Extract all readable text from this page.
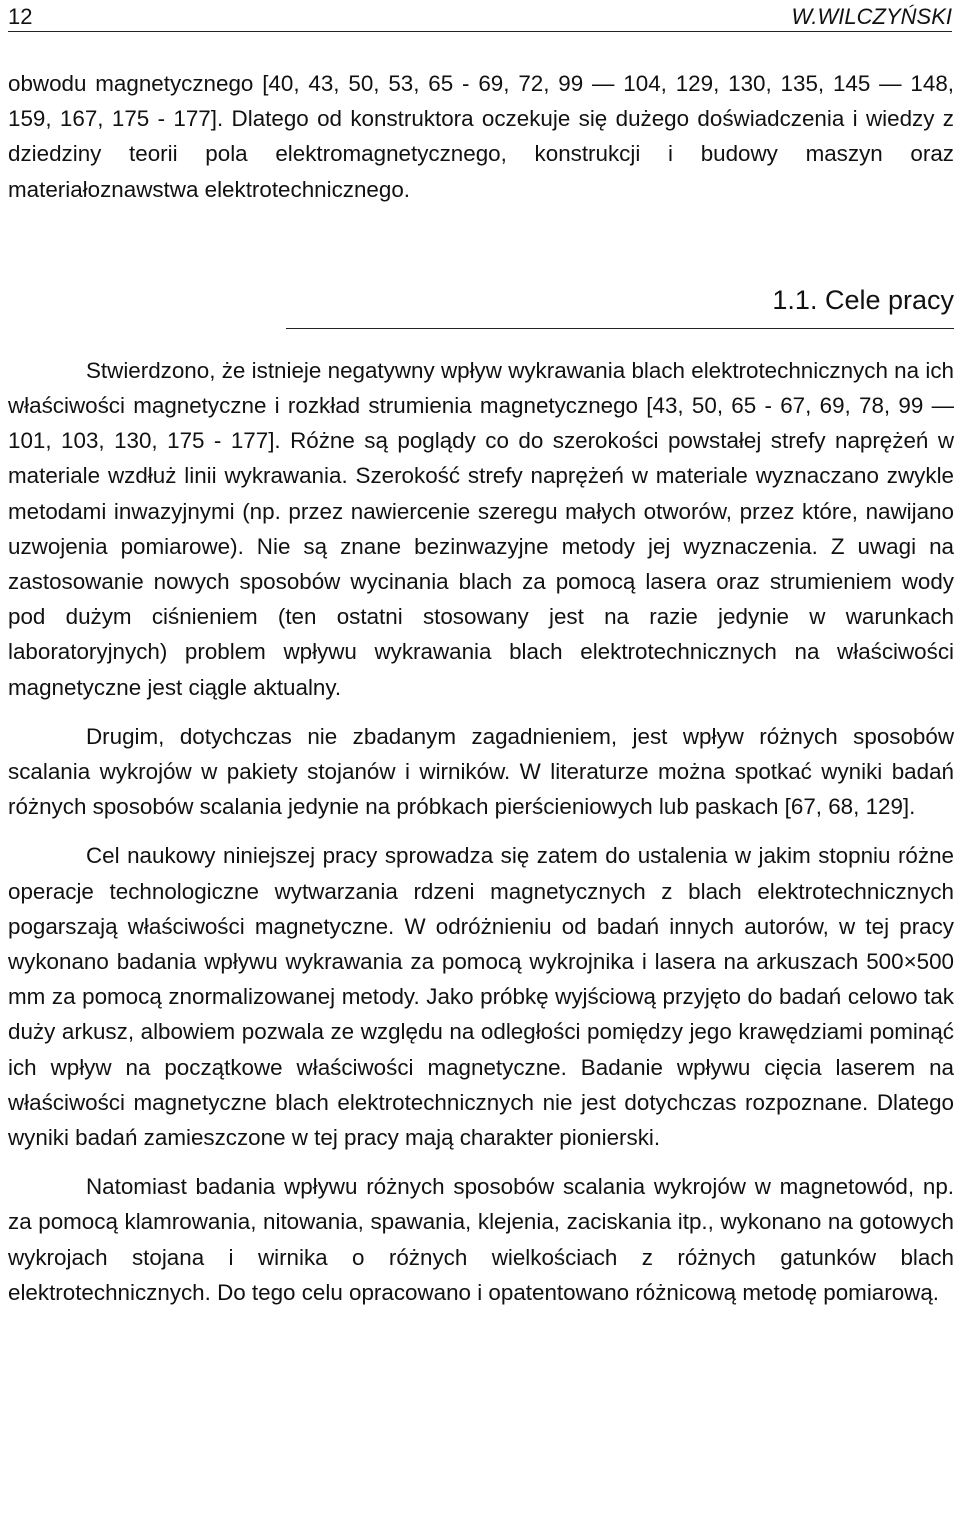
12	W.WILCZYŃSKI

obwodu magnetycznego [40, 43, 50, 53, 65 - 69, 72, 99 — 104, 129, 130, 135, 145 — 148, 159, 167, 175 - 177]. Dlatego od konstruktora oczekuje się dużego doświadczenia i wiedzy z dziedziny teorii pola elektromagnetycznego, konstrukcji i budowy maszyn oraz materiałoznawstwa elektrotechnicznego.

1.1. Cele pracy

Stwierdzono, że istnieje negatywny wpływ wykrawania blach elektrotechnicznych na ich właściwości magnetyczne i rozkład strumienia magnetycznego [43, 50, 65 - 67, 69, 78, 99 — 101, 103, 130, 175 - 177]. Różne są poglądy co do szerokości powstałej strefy naprężeń w materiale wzdłuż linii wykrawania. Szerokość strefy naprężeń w materiale wyznaczano zwykle metodami inwazyjnymi (np. przez nawiercenie szeregu małych otworów, przez które, nawijano uzwojenia pomiarowe). Nie są znane bezinwazyjne metody jej wyznaczenia. Z uwagi na zastosowanie nowych sposobów wycinania blach za pomocą lasera oraz strumieniem wody pod dużym ciśnieniem (ten ostatni stosowany jest na razie jedynie w warunkach laboratoryjnych) problem wpływu wykrawania blach elektrotechnicznych na właściwości magnetyczne jest ciągle aktualny.

Drugim, dotychczas nie zbadanym zagadnieniem, jest wpływ różnych sposobów scalania wykrojów w pakiety stojanów i wirników. W literaturze można spotkać wyniki badań różnych sposobów scalania jedynie na próbkach pierścieniowych lub paskach [67, 68, 129].

Cel naukowy niniejszej pracy sprowadza się zatem do ustalenia w jakim stopniu różne operacje technologiczne wytwarzania rdzeni magnetycznych z blach elektrotechnicznych pogarszają właściwości magnetyczne. W odróżnieniu od badań innych autorów, w tej pracy wykonano badania wpływu wykrawania za pomocą wykrojnika i lasera na arkuszach 500×500 mm za pomocą znormalizowanej metody. Jako próbkę wyjściową przyjęto do badań celowo tak duży arkusz, albowiem pozwala ze względu na odległości pomiędzy jego krawędziami pominąć ich wpływ na początkowe właściwości magnetyczne. Badanie wpływu cięcia laserem na właściwości magnetyczne blach elektrotechnicznych nie jest dotychczas rozpoznane. Dlatego wyniki badań zamieszczone w tej pracy mają charakter pionierski.

Natomiast badania wpływu różnych sposobów scalania wykrojów w magnetowód, np. za pomocą klamrowania, nitowania, spawania, klejenia, zaciskania itp., wykonano na gotowych wykrojach stojana i wirnika o różnych wielkościach z różnych gatunków blach elektrotechnicznych. Do tego celu opracowano i opatentowano różnicową metodę pomiarową.
